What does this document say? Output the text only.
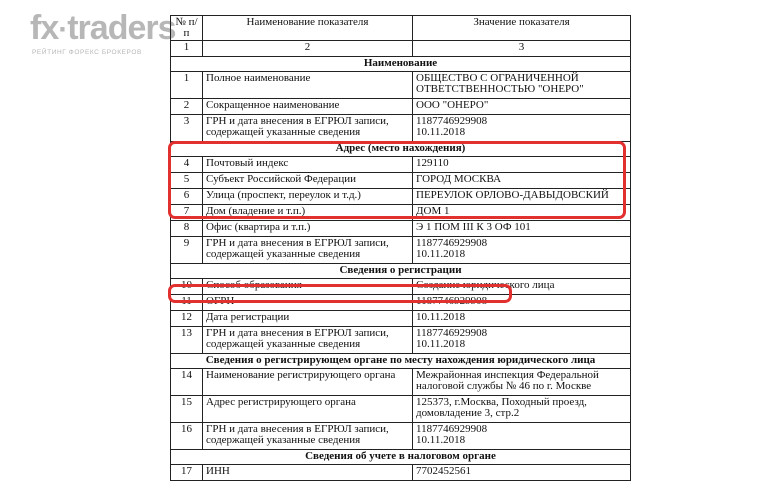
fx·traders
РЕЙТИНГ ФОРЕКС БРОКЕРОВ
№ п/п	Наименование показателя	Значение показателя
1	2	3
Наименование		
1	Полное наименование	ОБЩЕСТВО С ОГРАНИЧЕННОЙ ОТВЕТСТВЕННОСТЬЮ "ОНЕРО"
2	Сокращенное наименование	ООО "ОНЕРО"
3	ГРН и дата внесения в ЕГРЮЛ записи, содержащей указанные сведения	1187746929908
10.11.2018

Адрес (место нахождения)		
4	Почтовый индекс	129110
5	Субъект Российской Федерации	ГОРОД МОСКВА
6	Улица (проспект, переулок и т.д.)	ПЕРЕУЛОК ОРЛОВО-ДАВЫДОВСКИЙ
7	Дом (владение и т.п.)	ДОМ 1
8	Офис (квартира и т.п.)	Э 1 ПОМ III К 3 ОФ 101
9	ГРН и дата внесения в ЕГРЮЛ записи, содержащей указанные сведения	1187746929908
10.11.2018

Сведения о регистрации		
10	Способ образования	Создание юридического лица
11	ОГРН	1187746929908
12	Дата регистрации	10.11.2018
13	ГРН и дата внесения в ЕГРЮЛ записи, содержащей указанные сведения	1187746929908
10.11.2018

Сведения о регистрирующем органе по месту нахождения юридического лица		
14	Наименование регистрирующего органа	Межрайонная инспекция Федеральной налоговой службы № 46 по г. Москве
15	Адрес регистрирующего органа	125373, г.Москва, Походный проезд, домовладение 3, стр.2
16	ГРН и дата внесения в ЕГРЮЛ записи, содержащей указанные сведения	1187746929908
10.11.2018

Сведения об учете в налоговом органе		
17	ИНН	7702452561
